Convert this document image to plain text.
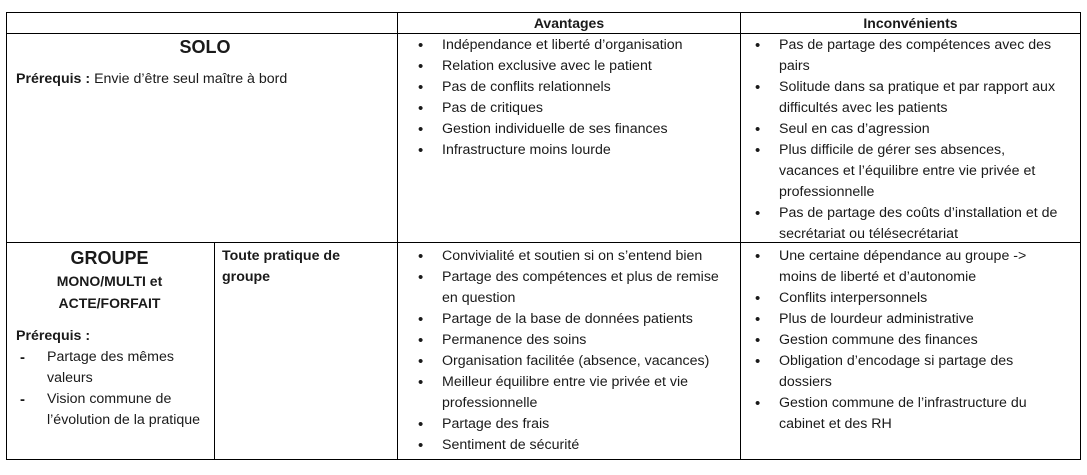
Avantages	Inconvénients
SOLO
Prérequis : Envie d’être seul maître à bord
• Indépendance et liberté d’organisation
• Relation exclusive avec le patient
• Pas de conflits relationnels
• Pas de critiques
• Gestion individuelle de ses finances
• Infrastructure moins lourde
• Pas de partage des compétences avec des pairs
• Solitude dans sa pratique et par rapport aux difficultés avec les patients
• Seul en cas d’agression
• Plus difficile de gérer ses absences, vacances et l’équilibre entre vie privée et professionnelle
• Pas de partage des coûts d’installation et de secrétariat ou télésecrétariat
GROUPE
MONO/MULTI et
ACTE/FORFAIT
Prérequis :
- Partage des mêmes valeurs
- Vision commune de l’évolution de la pratique
Toute pratique de groupe
• Convivialité et soutien si on s’entend bien
• Partage des compétences et plus de remise en question
• Partage de la base de données patients
• Permanence des soins
• Organisation facilitée (absence, vacances)
• Meilleur équilibre entre vie privée et vie professionnelle
• Partage des frais
• Sentiment de sécurité
• Une certaine dépendance au groupe -> moins de liberté et d’autonomie
• Conflits interpersonnels
• Plus de lourdeur administrative
• Gestion commune des finances
• Obligation d’encodage si partage des dossiers
• Gestion commune de l’infrastructure du cabinet et des RH
